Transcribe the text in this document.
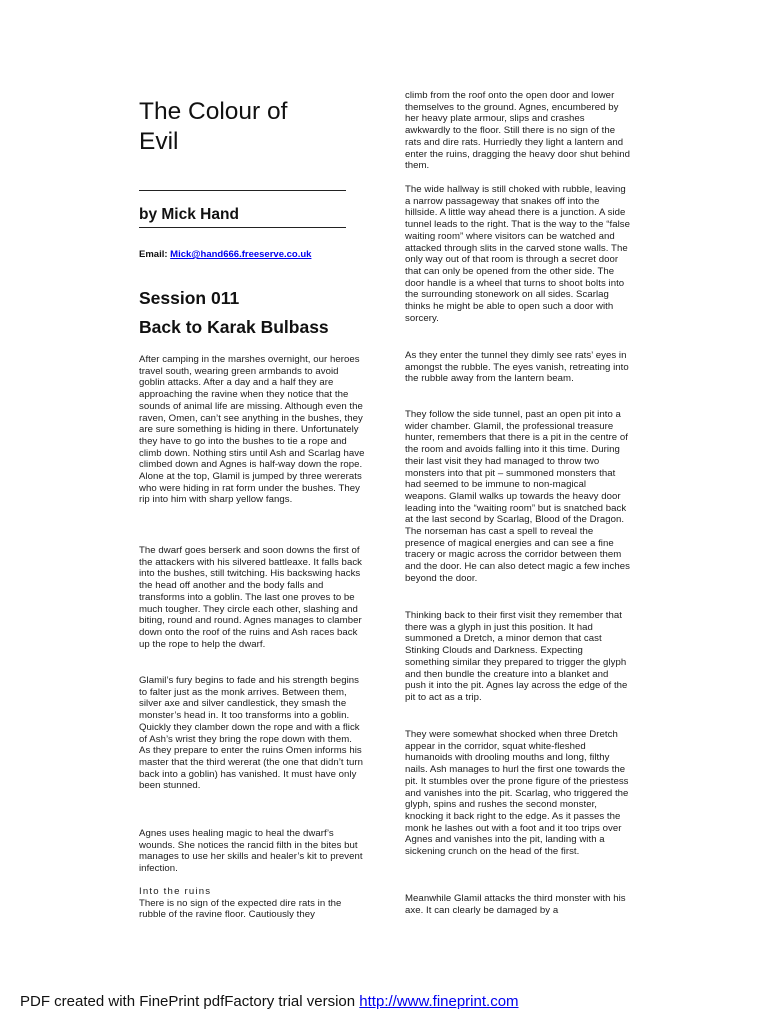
The Colour of
Evil
by Mick Hand

Email: Mick@hand666.freeserve.co.uk

Session 011
Back to Karak Bulbass

After camping in the marshes overnight, our heroes travel south, wearing green armbands to avoid goblin attacks. After a day and a half they are approaching the ravine when they notice that the sounds of animal life are missing. Although even the raven, Omen, can’t see anything in the bushes, they are sure something is hiding in there. Unfortunately they have to go into the bushes to tie a rope and climb down. Nothing stirs until Ash and Scarlag have climbed down and Agnes is half-way down the rope. Alone at the top, Glamil is jumped by three wererats who were hiding in rat form under the bushes. They rip into him with sharp yellow fangs.

The dwarf goes berserk and soon downs the first of the attackers with his silvered battleaxe. It falls back into the bushes, still twitching. His backswing hacks the head off another and the body falls and transforms into a goblin. The last one proves to be much tougher. They circle each other, slashing and biting, round and round. Agnes manages to clamber down onto the roof of the ruins and Ash races back up the rope to help the dwarf.

Glamil’s fury begins to fade and his strength begins to falter just as the monk arrives. Between them, silver axe and silver candlestick, they smash the monster’s head in. It too transforms into a goblin. Quickly they clamber down the rope and with a flick of Ash’s wrist they bring the rope down with them. As they prepare to enter the ruins Omen informs his master that the third wererat (the one that didn’t turn back into a goblin) has vanished. It must have only been stunned.

Agnes uses healing magic to heal the dwarf’s wounds. She notices the rancid filth in the bites but manages to use her skills and healer’s kit to prevent infection.

Into the ruins
There is no sign of the expected dire rats in the rubble of the ravine floor. Cautiously they

climb from the roof onto the open door and lower themselves to the ground. Agnes, encumbered by her heavy plate armour, slips and crashes awkwardly to the floor. Still there is no sign of the rats and dire rats. Hurriedly they light a lantern and enter the ruins, dragging the heavy door shut behind them.

The wide hallway is still choked with rubble, leaving a narrow passageway that snakes off into the hillside. A little way ahead there is a junction. A side tunnel leads to the right. That is the way to the “false waiting room” where visitors can be watched and attacked through slits in the carved stone walls. The only way out of that room is through a secret door that can only be opened from the other side. The door handle is a wheel that turns to shoot bolts into the surrounding stonework on all sides. Scarlag thinks he might be able to open such a door with sorcery.

As they enter the tunnel they dimly see rats’ eyes in amongst the rubble. The eyes vanish, retreating into the rubble away from the lantern beam.

They follow the side tunnel, past an open pit into a wider chamber. Glamil, the professional treasure hunter, remembers that there is a pit in the centre of the room and avoids falling into it this time. During their last visit they had managed to throw two monsters into that pit – summoned monsters that had seemed to be immune to non-magical weapons. Glamil walks up towards the heavy door leading into the “waiting room” but is snatched back at the last second by Scarlag, Blood of the Dragon. The norseman has cast a spell to reveal the presence of magical energies and can see a fine tracery or magic across the corridor between them and the door. He can also detect magic a few inches beyond the door.

Thinking back to their first visit they remember that there was a glyph in just this position. It had summoned a Dretch, a minor demon that cast Stinking Clouds and Darkness. Expecting something similar they prepared to trigger the glyph and then bundle the creature into a blanket and push it into the pit. Agnes lay across the edge of the pit to act as a trip.

They were somewhat shocked when three Dretch appear in the corridor, squat white-fleshed humanoids with drooling mouths and long, filthy nails. Ash manages to hurl the first one towards the pit. It stumbles over the prone figure of the priestess and vanishes into the pit. Scarlag, who triggered the glyph, spins and rushes the second monster, knocking it back right to the edge. As it passes the monk he lashes out with a foot and it too trips over Agnes and vanishes into the pit, landing with a sickening crunch on the head of the first.

Meanwhile Glamil attacks the third monster with his axe. It can clearly be damaged by a

PDF created with FinePrint pdfFactory trial version http://www.fineprint.com
